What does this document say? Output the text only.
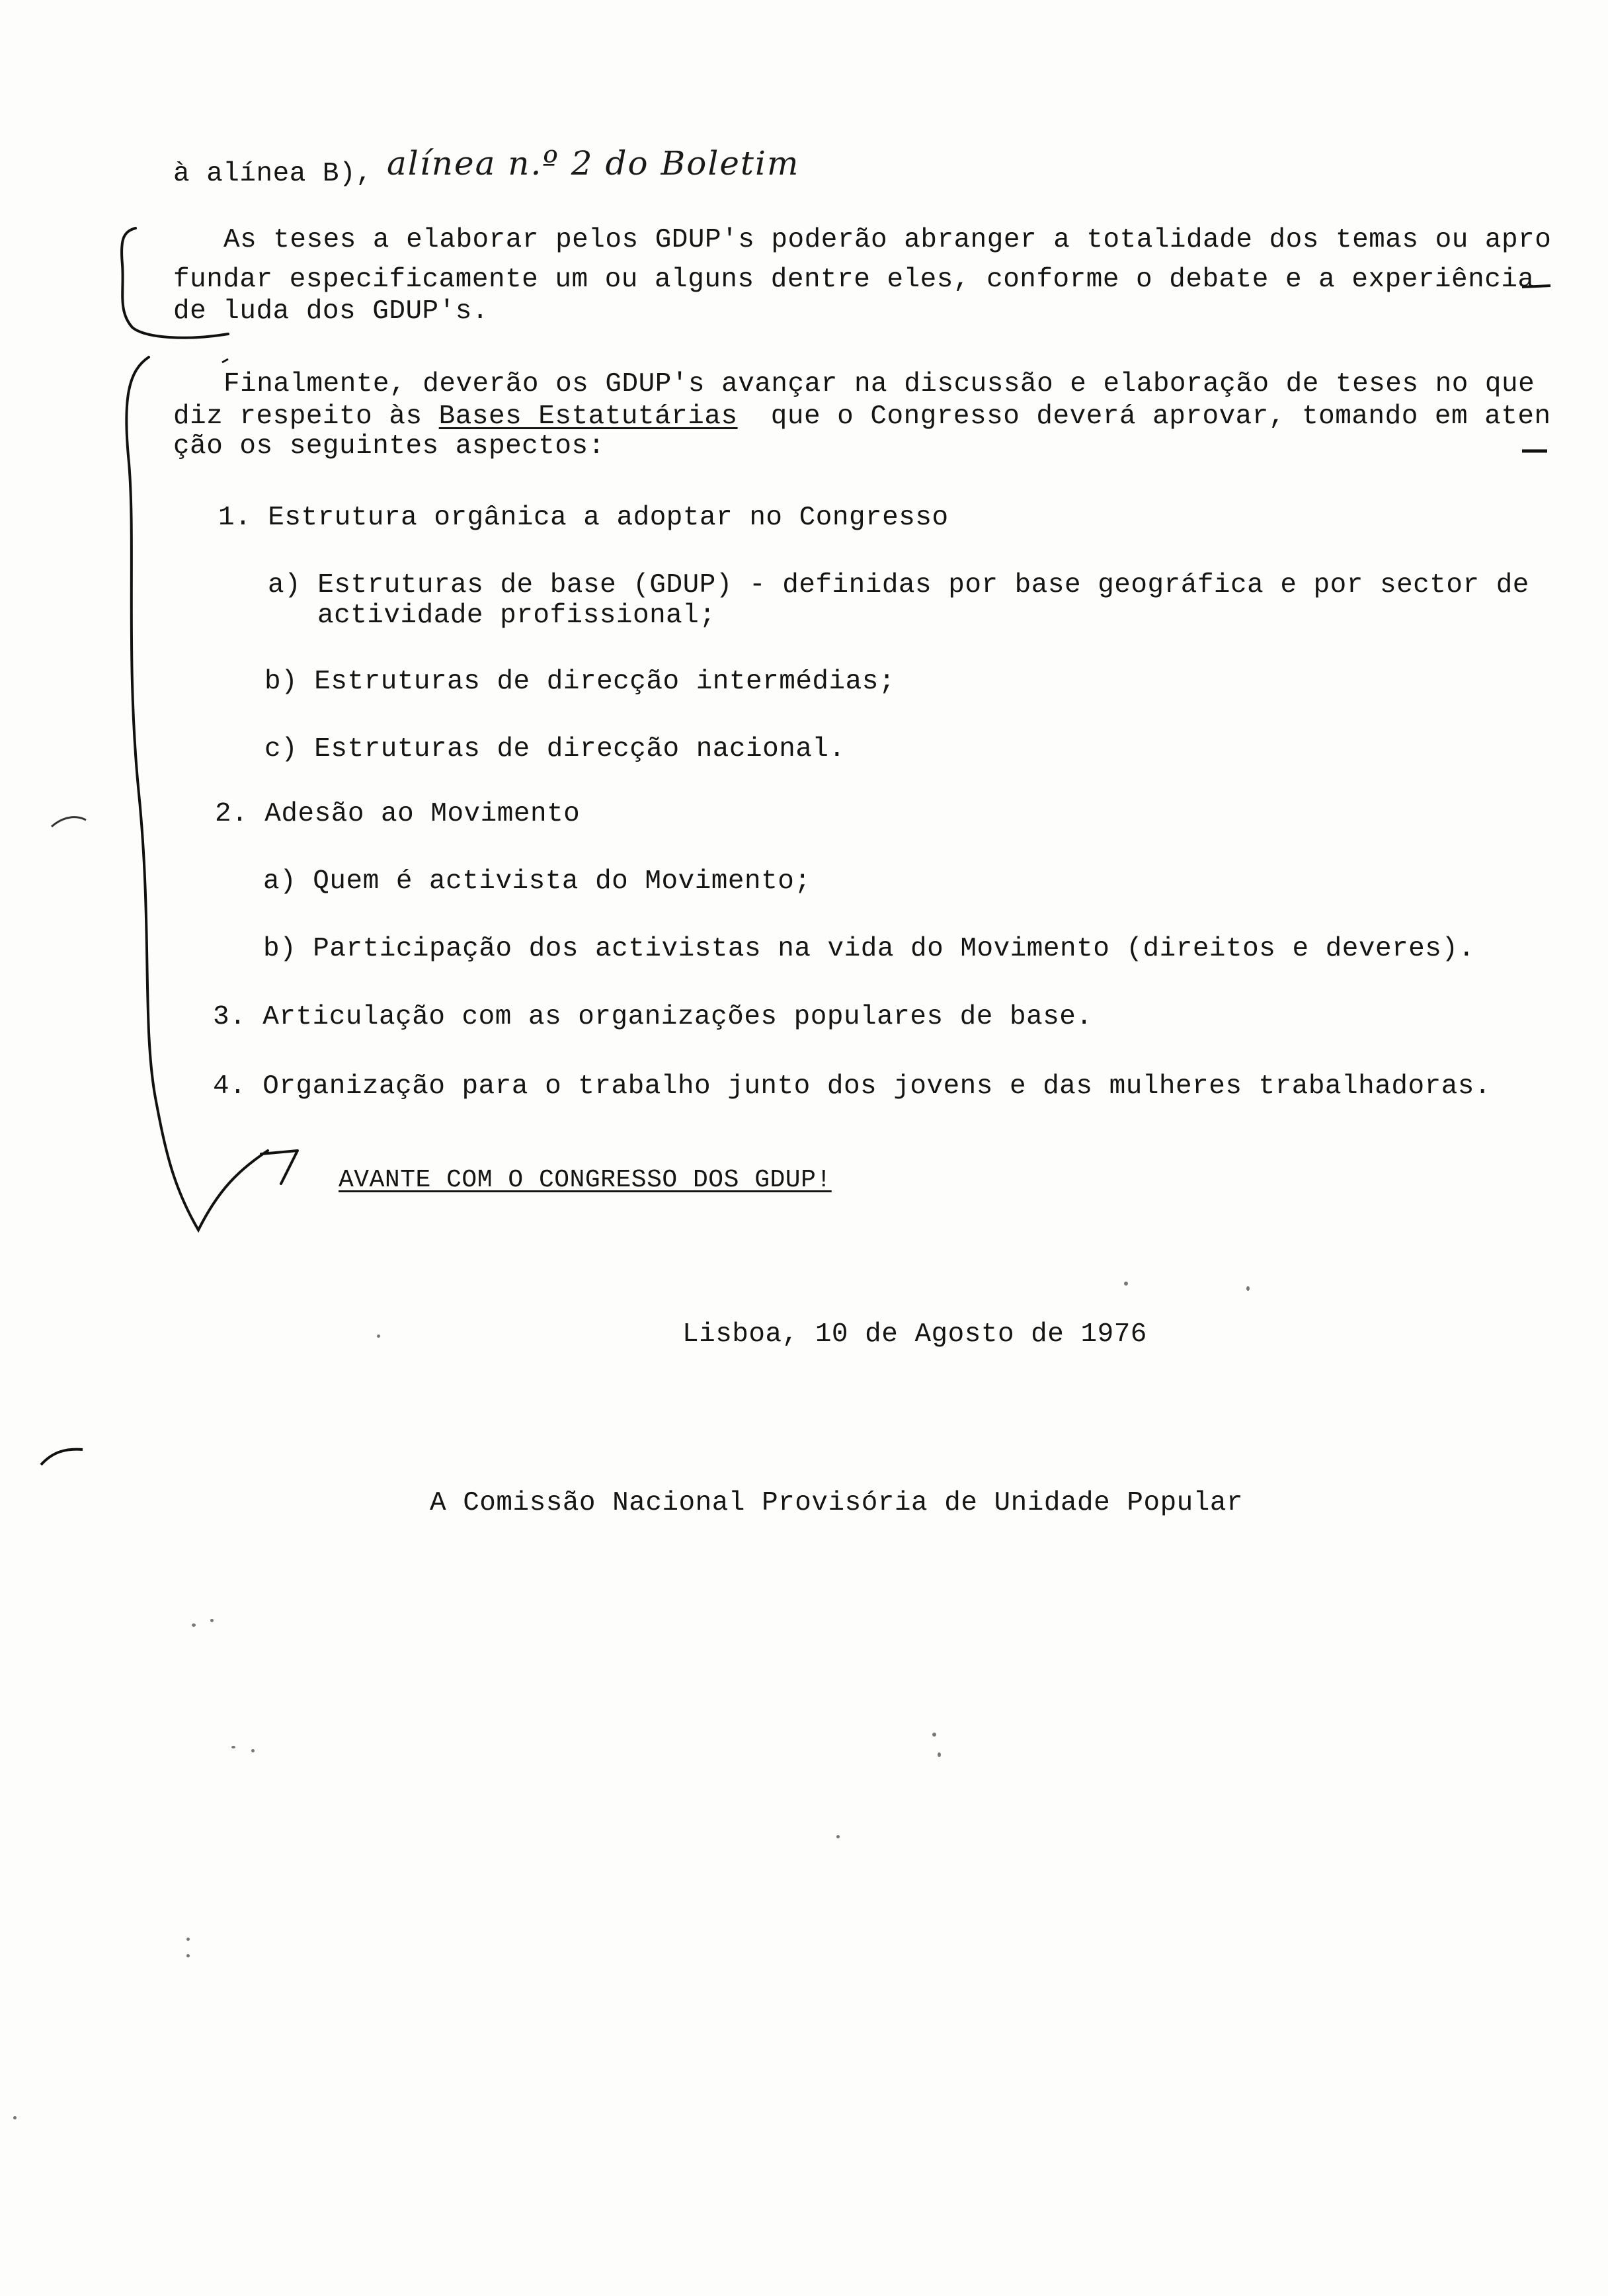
à alínea B), alínea n.º 2 do Boletim
As teses a elaborar pelos GDUP's poderão abranger a totalidade dos temas ou apro
fundar especificamente um ou alguns dentre eles, conforme o debate e a experiência
de luda dos GDUP's.
Finalmente, deverão os GDUP's avançar na discussão e elaboração de teses no que
diz respeito às Bases Estatutárias  que o Congresso deverá aprovar, tomando em aten
ção os seguintes aspectos:
1. Estrutura orgânica a adoptar no Congresso
a) Estruturas de base (GDUP) - definidas por base geográfica e por sector de
actividade profissional;
b) Estruturas de direcção intermédias;
c) Estruturas de direcção nacional.
2. Adesão ao Movimento
a) Quem é activista do Movimento;
b) Participação dos activistas na vida do Movimento (direitos e deveres).
3. Articulação com as organizações populares de base.
4. Organização para o trabalho junto dos jovens e das mulheres trabalhadoras.
AVANTE COM O CONGRESSO DOS GDUP!
Lisboa, 10 de Agosto de 1976
A Comissão Nacional Provisória de Unidade Popular
